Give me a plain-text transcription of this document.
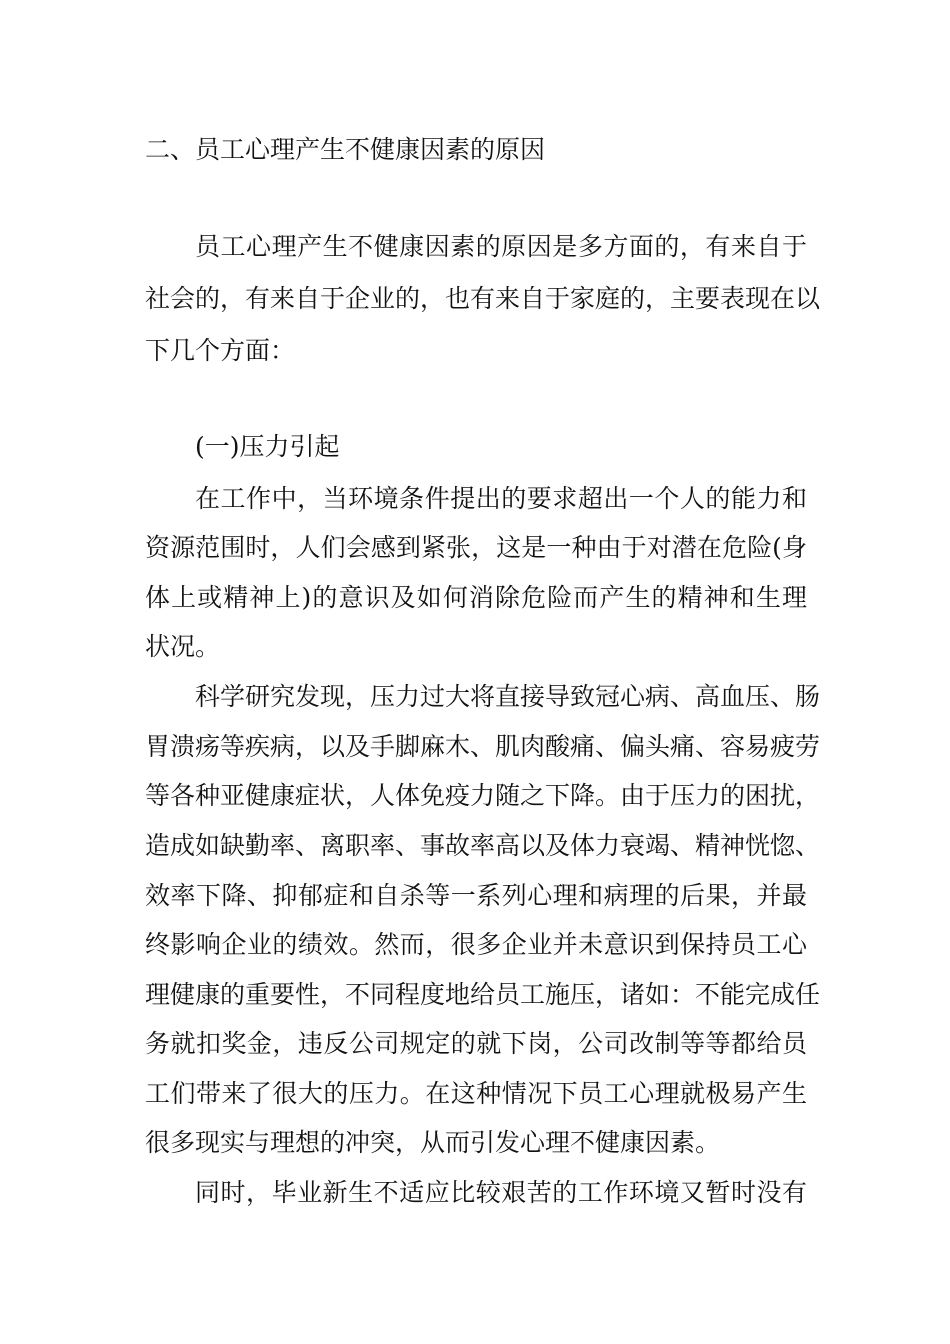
二、员工心理产生不健康因素的原因
员工心理产生不健康因素的原因是多方面的，有来自于
社会的，有来自于企业的，也有来自于家庭的，主要表现在以
下几个方面：
(一)压力引起
在工作中，当环境条件提出的要求超出一个人的能力和
资源范围时，人们会感到紧张，这是一种由于对潜在危险(身
体上或精神上)的意识及如何消除危险而产生的精神和生理
状况。
科学研究发现，压力过大将直接导致冠心病、高血压、肠
胃溃疡等疾病，以及手脚麻木、肌肉酸痛、偏头痛、容易疲劳
等各种亚健康症状，人体免疫力随之下降。由于压力的困扰，
造成如缺勤率、离职率、事故率高以及体力衰竭、精神恍惚、
效率下降、抑郁症和自杀等一系列心理和病理的后果，并最
终影响企业的绩效。然而，很多企业并未意识到保持员工心
理健康的重要性，不同程度地给员工施压，诸如：不能完成任
务就扣奖金，违反公司规定的就下岗，公司改制等等都给员
工们带来了很大的压力。在这种情况下员工心理就极易产生
很多现实与理想的冲突，从而引发心理不健康因素。
同时，毕业新生不适应比较艰苦的工作环境又暂时没有
